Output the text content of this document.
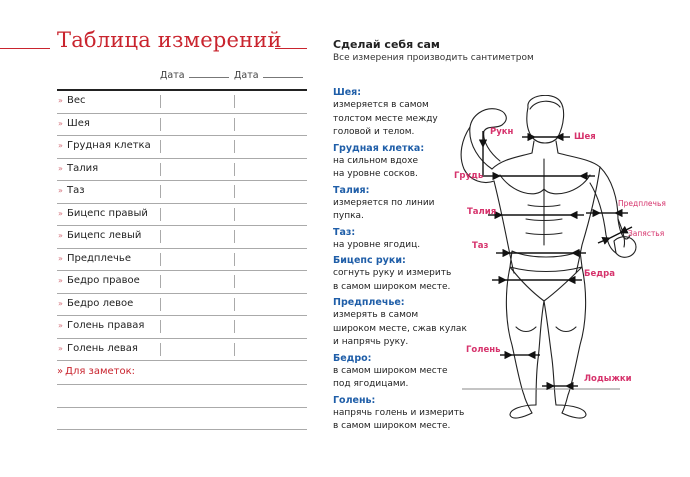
Таблица измерений
Дата	Дата
» Вес
» Шея
» Грудная клетка
» Талия
» Таз
» Бицепс правый
» Бицепс левый
» Предплечье
» Бедро правое
» Бедро левое
» Голень правая
» Голень левая
» Для заметок:
Сделай себя сам
Все измерения производить сантиметром
Шея:
измеряется в самом
толстом месте между
головой и телом.
Грудная клетка:
на сильном вдохе
на уровне сосков.
Талия:
измеряется по линии
пупка.
Таз:
на уровне ягодиц.
Бицепс руки:
согнуть руку и измерить
в самом широком месте.
Предплечье:
измерять в самом
широком месте, сжав кулак
и напрячь руку.
Бедро:
в самом широком месте
под ягодицами.
Голень:
напрячь голень и измерить
в самом широком месте.
Рукн	Шея
Грудь
Предплечья
Талия
Запястья
Таз
Бедра
Голень
Лодыжки
